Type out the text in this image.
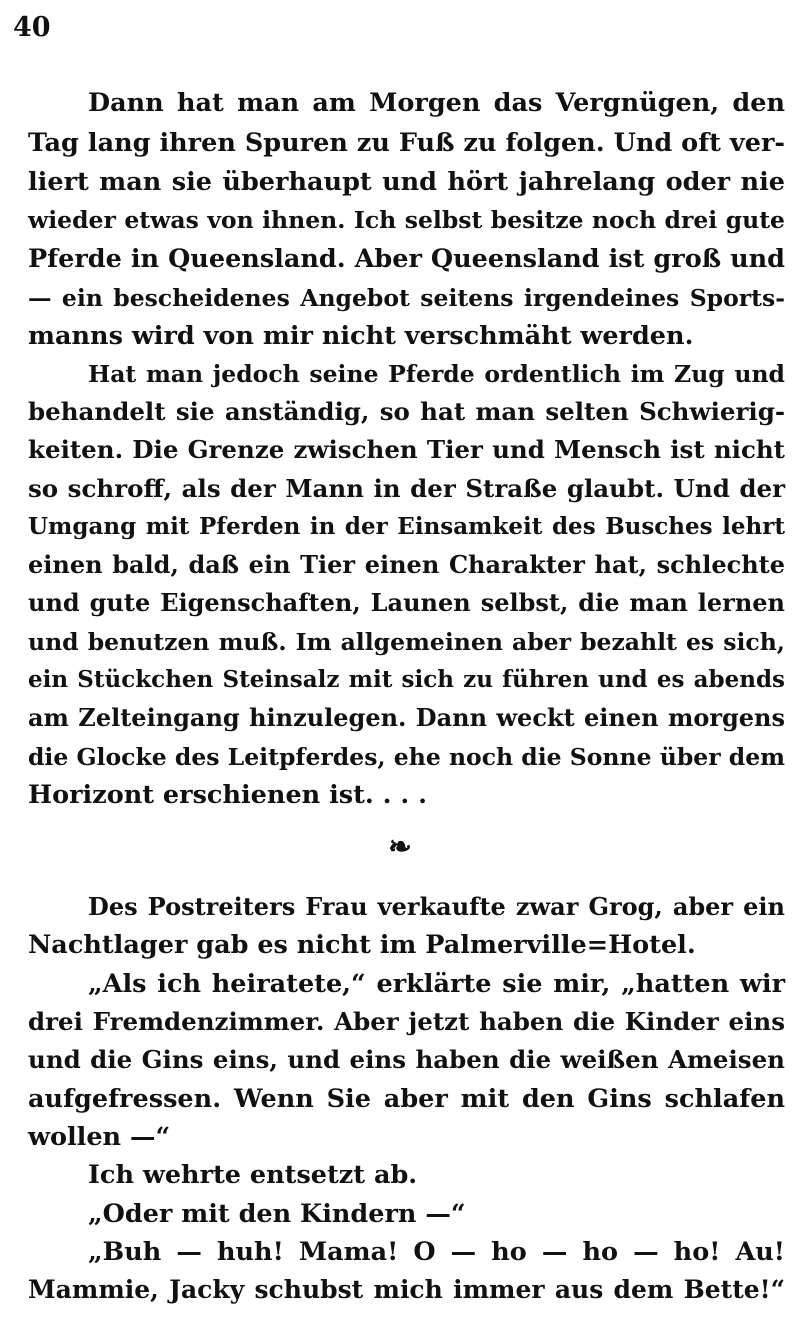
40
Dann hat man am Morgen das Vergnügen, den
Tag lang ihren Spuren zu Fuß zu folgen. Und oft ver-
liert man sie überhaupt und hört jahrelang oder nie
wieder etwas von ihnen. Ich selbst besitze noch drei gute
Pferde in Queensland. Aber Queensland ist groß und
— ein bescheidenes Angebot seitens irgendeines Sports-
manns wird von mir nicht verschmäht werden.
Hat man jedoch seine Pferde ordentlich im Zug und
behandelt sie anständig, so hat man selten Schwierig-
keiten. Die Grenze zwischen Tier und Mensch ist nicht
so schroff, als der Mann in der Straße glaubt. Und der
Umgang mit Pferden in der Einsamkeit des Busches lehrt
einen bald, daß ein Tier einen Charakter hat, schlechte
und gute Eigenschaften, Launen selbst, die man lernen
und benutzen muß. Im allgemeinen aber bezahlt es sich,
ein Stückchen Steinsalz mit sich zu führen und es abends
am Zelteingang hinzulegen. Dann weckt einen morgens
die Glocke des Leitpferdes, ehe noch die Sonne über dem
Horizont erschienen ist. . . .
❧
Des Postreiters Frau verkaufte zwar Grog, aber ein
Nachtlager gab es nicht im Palmerville=Hotel.
„Als ich heiratete,“ erklärte sie mir, „hatten wir
drei Fremdenzimmer. Aber jetzt haben die Kinder eins
und die Gins eins, und eins haben die weißen Ameisen
aufgefressen. Wenn Sie aber mit den Gins schlafen
wollen —“
Ich wehrte entsetzt ab.
„Oder mit den Kindern —“
„Buh — huh! Mama! O — ho — ho — ho! Au!
Mammie, Jacky schubst mich immer aus dem Bette!“
